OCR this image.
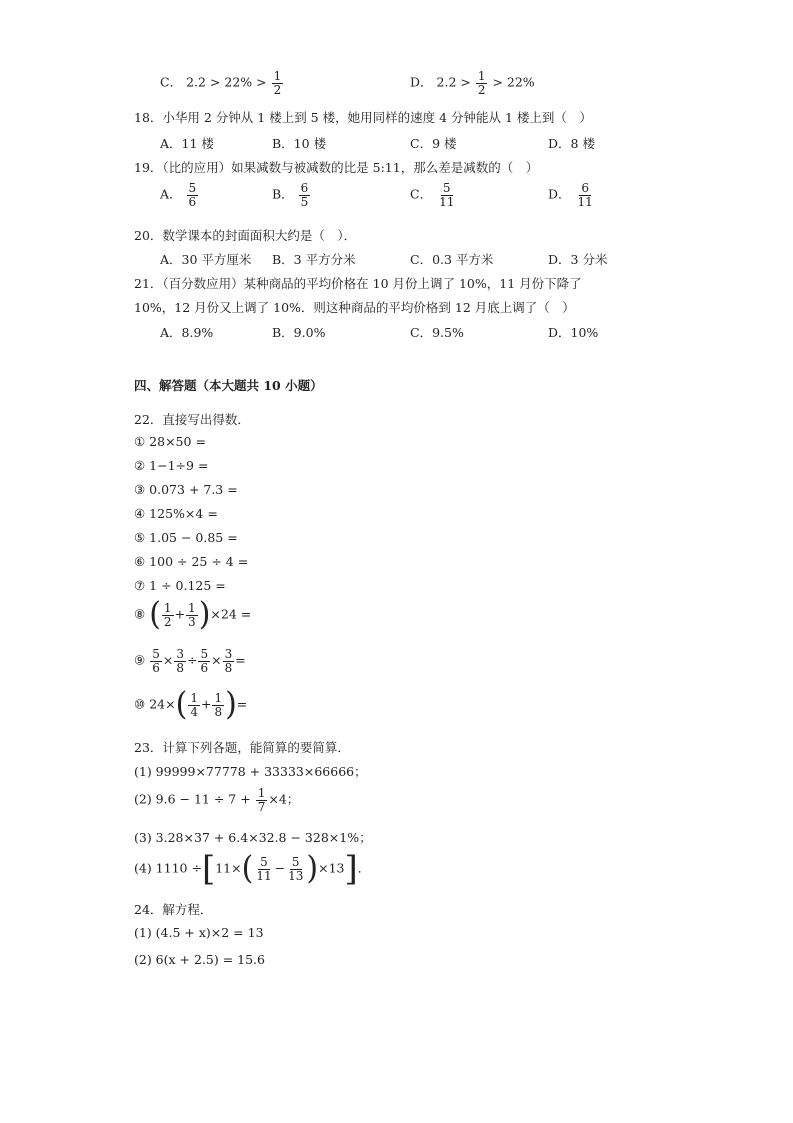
C． $2.2 > 22\% > \frac{1}{2}$	D． $2.2 > \frac{1}{2} > 22\%$
18．小华用 2 分钟从 1 楼上到 5 楼，她用同样的速度 4 分钟能从 1 楼上到（　）
A．11 楼	B．10 楼	C．9 楼	D．8 楼
19．（比的应用）如果减数与被减数的比是 5:11，那么差是减数的（　）
A． $\frac{5}{6}$	B． $\frac{6}{5}$	C． $\frac{5}{11}$	D． $\frac{6}{11}$
20．数学课本的封面面积大约是（　）．
A．30 平方厘米 B．3 平方分米	C．0.3 平方米	D．3 分米
21．（百分数应用）某种商品的平均价格在 10 月份上调了 10%，11 月份下降了
10%，12 月份又上调了 10%．则这种商品的平均价格到 12 月底上调了（　）
A．8.9%	B．9.0%	C．9.5%	D．10%
四、解答题（本大题共 10 小题）
22．直接写出得数．
① 28×50 =
② 1−1÷9 =
③ 0.073 + 7.3 =
④ 125%×4 =
⑤ 1.05 − 0.85 =
⑥ 100 ÷ 25 ÷ 4 =
⑦ 1 ÷ 0.125 =
⑧ ( $\frac{1}{2} + \frac{1}{3} )\times 24$ =
⑨ $\frac{5}{6} \times \frac{3}{8} \div \frac{5}{6} \times \frac{3}{8}$ =
⑩ $24\times( \frac{1}{4} + \frac{1}{8}$ )=
23．计算下列各题，能简算的要简算．
(1) 99999×77778 + 33333×66666；
(2) $9.6 - 11 \div 7 + \frac{1}{7} \times 4$；
(3) 3.28×37 + 6.4×32.8 − 328×1%；
(4) $1110 \div[11\times( \frac{5}{11} - \frac{5}{13} )\times 13]$．
24．解方程．
(1) (4.5 + x)×2 = 13
(2) 6(x + 2.5) = 15.6
